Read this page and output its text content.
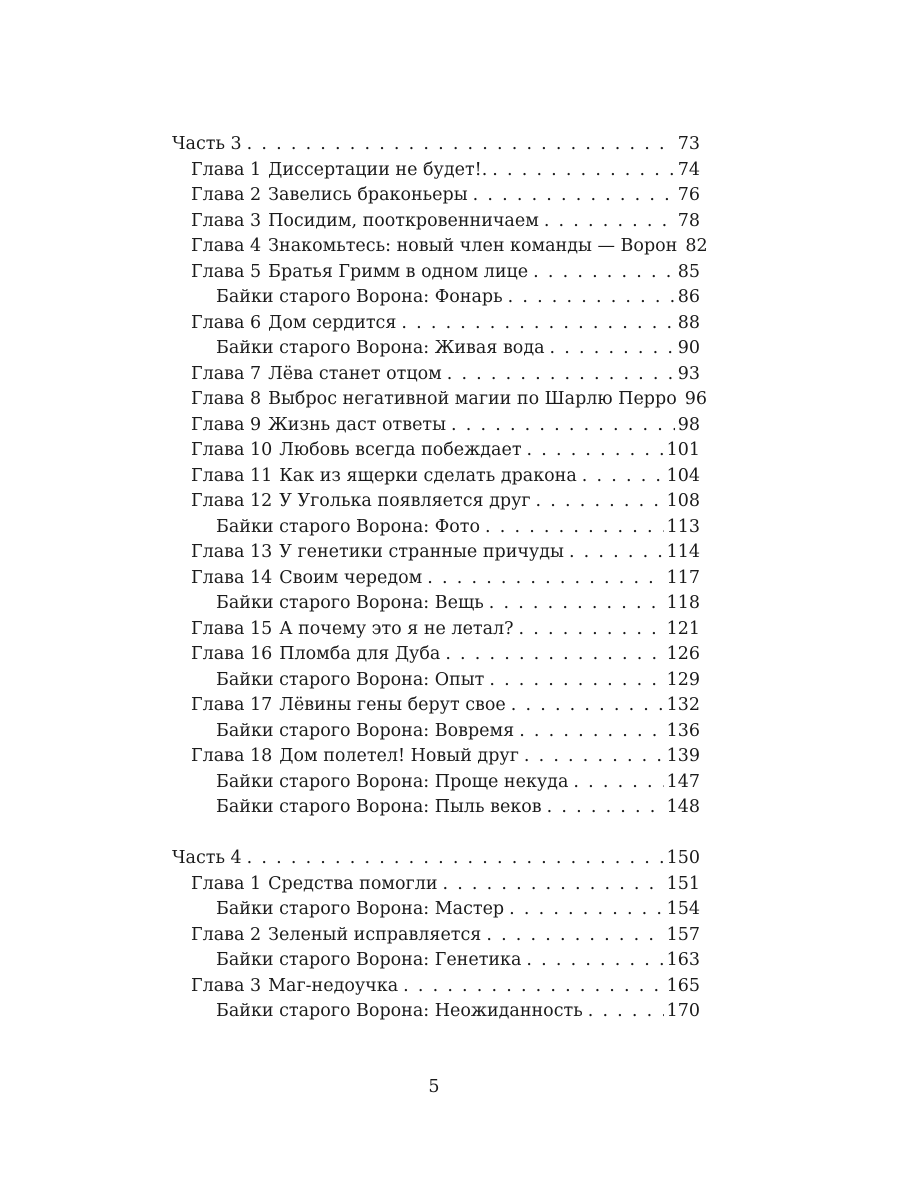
Часть 3 . . .	73
Глава 1 Диссертации не будет!. . . .	74
Глава 2 Завелись браконьеры . . .	76
Глава 3 Посидим, пооткровенничаем . . .	78
Глава 4 Знакомьтесь: новый член команды — Ворон 82
Глава 5 Братья Гримм в одном лице . . .	85
Байки старого Ворона: Фонарь . . .	86
Глава 6 Дом сердится . . .	88
Байки старого Ворона: Живая вода . . .	90
Глава 7 Лёва станет отцом . . .	93
Глава 8 Выброс негативной магии по Шарлю Перро 96
Глава 9 Жизнь даст ответы . . .	98
Глава 10 Любовь всегда побеждает . . .	101
Глава 11 Как из ящерки сделать дракона . . .	104
Глава 12 У Уголька появляется друг . . .	108
Байки старого Ворона: Фото . . .	113
Глава 13 У генетики странные причуды . . .	114
Глава 14 Своим чередом . . .	117
Байки старого Ворона: Вещь . . .	118
Глава 15 А почему это я не летал? . . .	121
Глава 16 Пломба для Дуба . . .	126
Байки старого Ворона: Опыт . . .	129
Глава 17 Лёвины гены берут свое . . .	132
Байки старого Ворона: Вовремя . . .	136
Глава 18 Дом полетел! Новый друг . . .	139
Байки старого Ворона: Проще некуда . . .	147
Байки старого Ворона: Пыль веков . . .	148
Часть 4 . . .	150
Глава 1 Средства помогли . . .	151
Байки старого Ворона: Мастер . . .	154
Глава 2 Зеленый исправляется . . .	157
Байки старого Ворона: Генетика . . .	163
Глава 3 Маг-недоучка . . .	165
Байки старого Ворона: Неожиданность . . .	170
5
